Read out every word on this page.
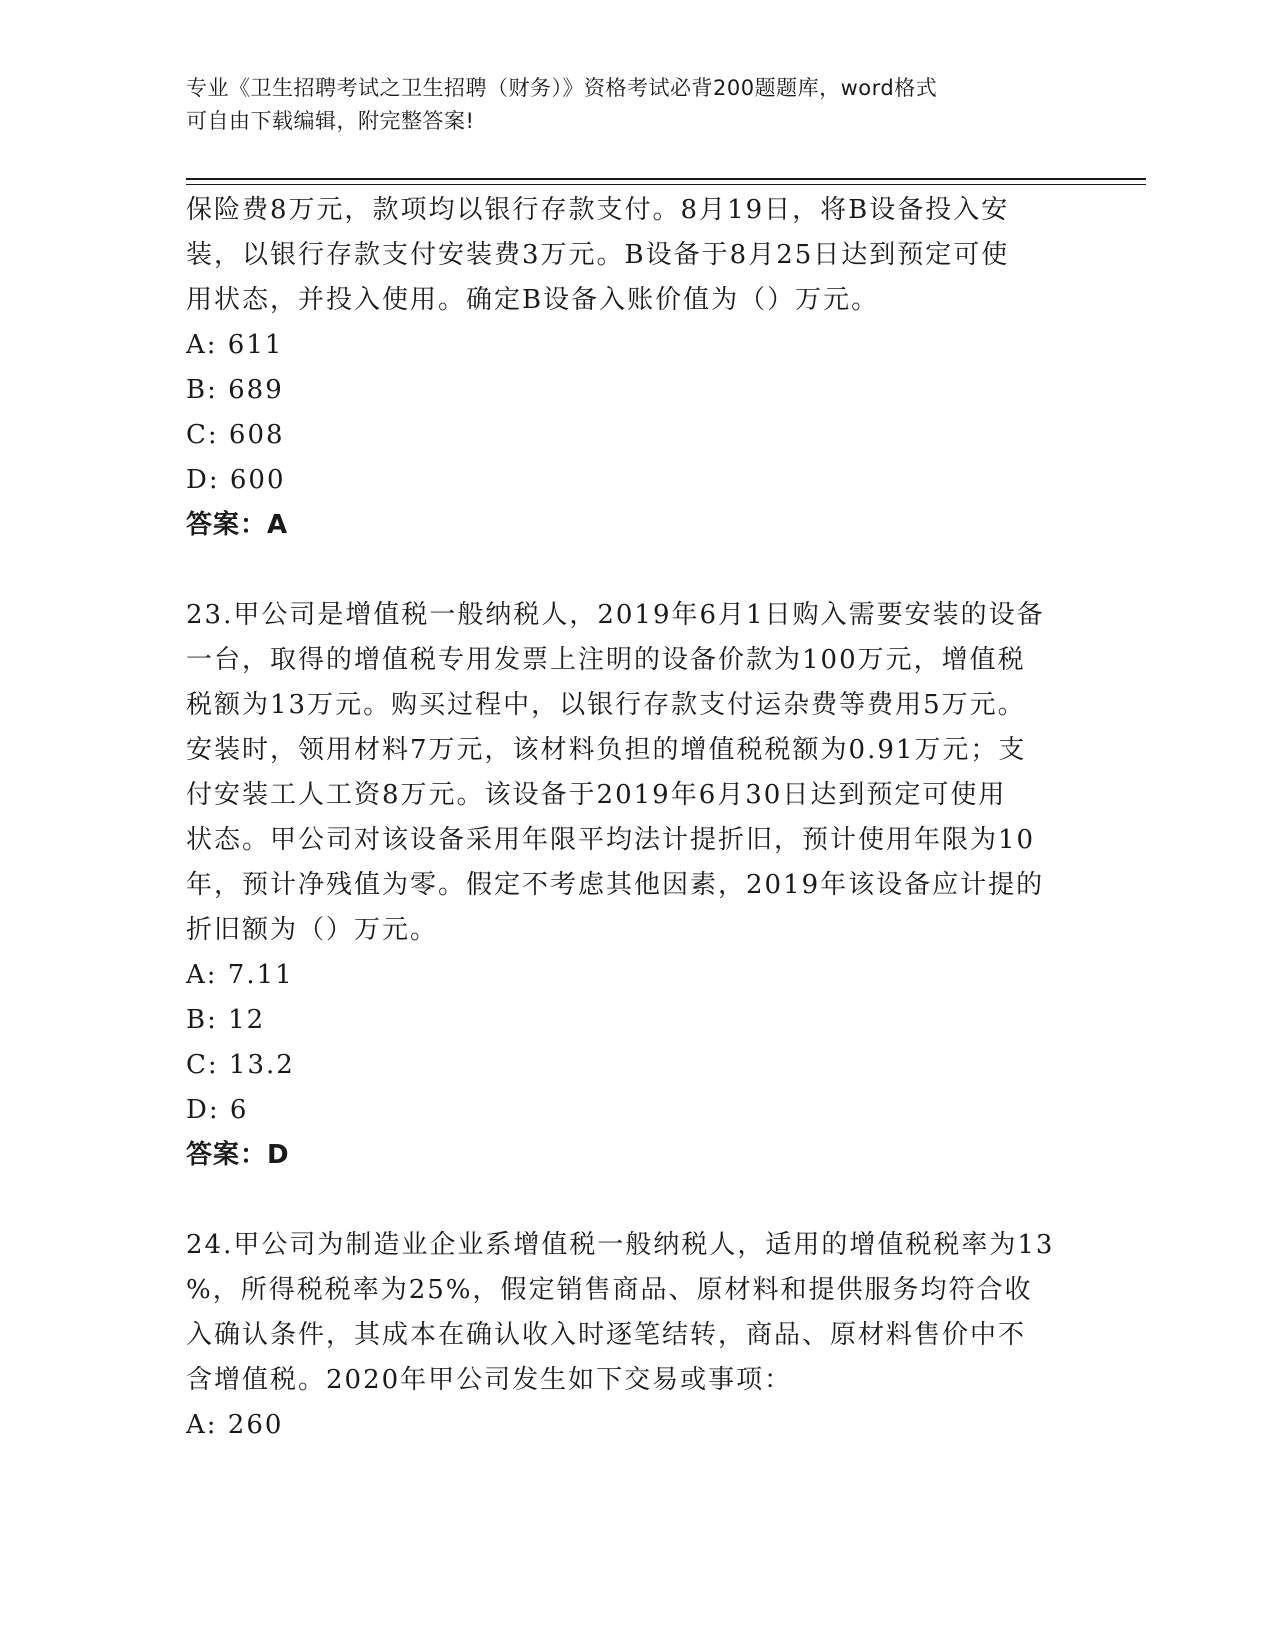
专业《卫生招聘考试之卫生招聘（财务）》资格考试必背200题题库，word格式
可自由下载编辑，附完整答案!

保险费8万元，款项均以银行存款支付。8月19日，将B设备投入安

装，以银行存款支付安装费3万元。B设备于8月25日达到预定可使

用状态，并投入使用。确定B设备入账价值为（）万元。

A: 611

B: 689

C: 608

D: 600

答案：A

23.甲公司是增值税一般纳税人，2019年6月1日购入需要安装的设备

一台，取得的增值税专用发票上注明的设备价款为100万元，增值税

税额为13万元。购买过程中，以银行存款支付运杂费等费用5万元。

安装时，领用材料7万元，该材料负担的增值税税额为0.91万元；支

付安装工人工资8万元。该设备于2019年6月30日达到预定可使用

状态。甲公司对该设备采用年限平均法计提折旧，预计使用年限为10

年，预计净残值为零。假定不考虑其他因素，2019年该设备应计提的

折旧额为（）万元。

A: 7.11

B: 12

C: 13.2

D: 6

答案：D

24.甲公司为制造业企业系增值税一般纳税人，适用的增值税税率为13

%，所得税税率为25%，假定销售商品、原材料和提供服务均符合收

入确认条件，其成本在确认收入时逐笔结转，商品、原材料售价中不

含增值税。2020年甲公司发生如下交易或事项：

A: 260
